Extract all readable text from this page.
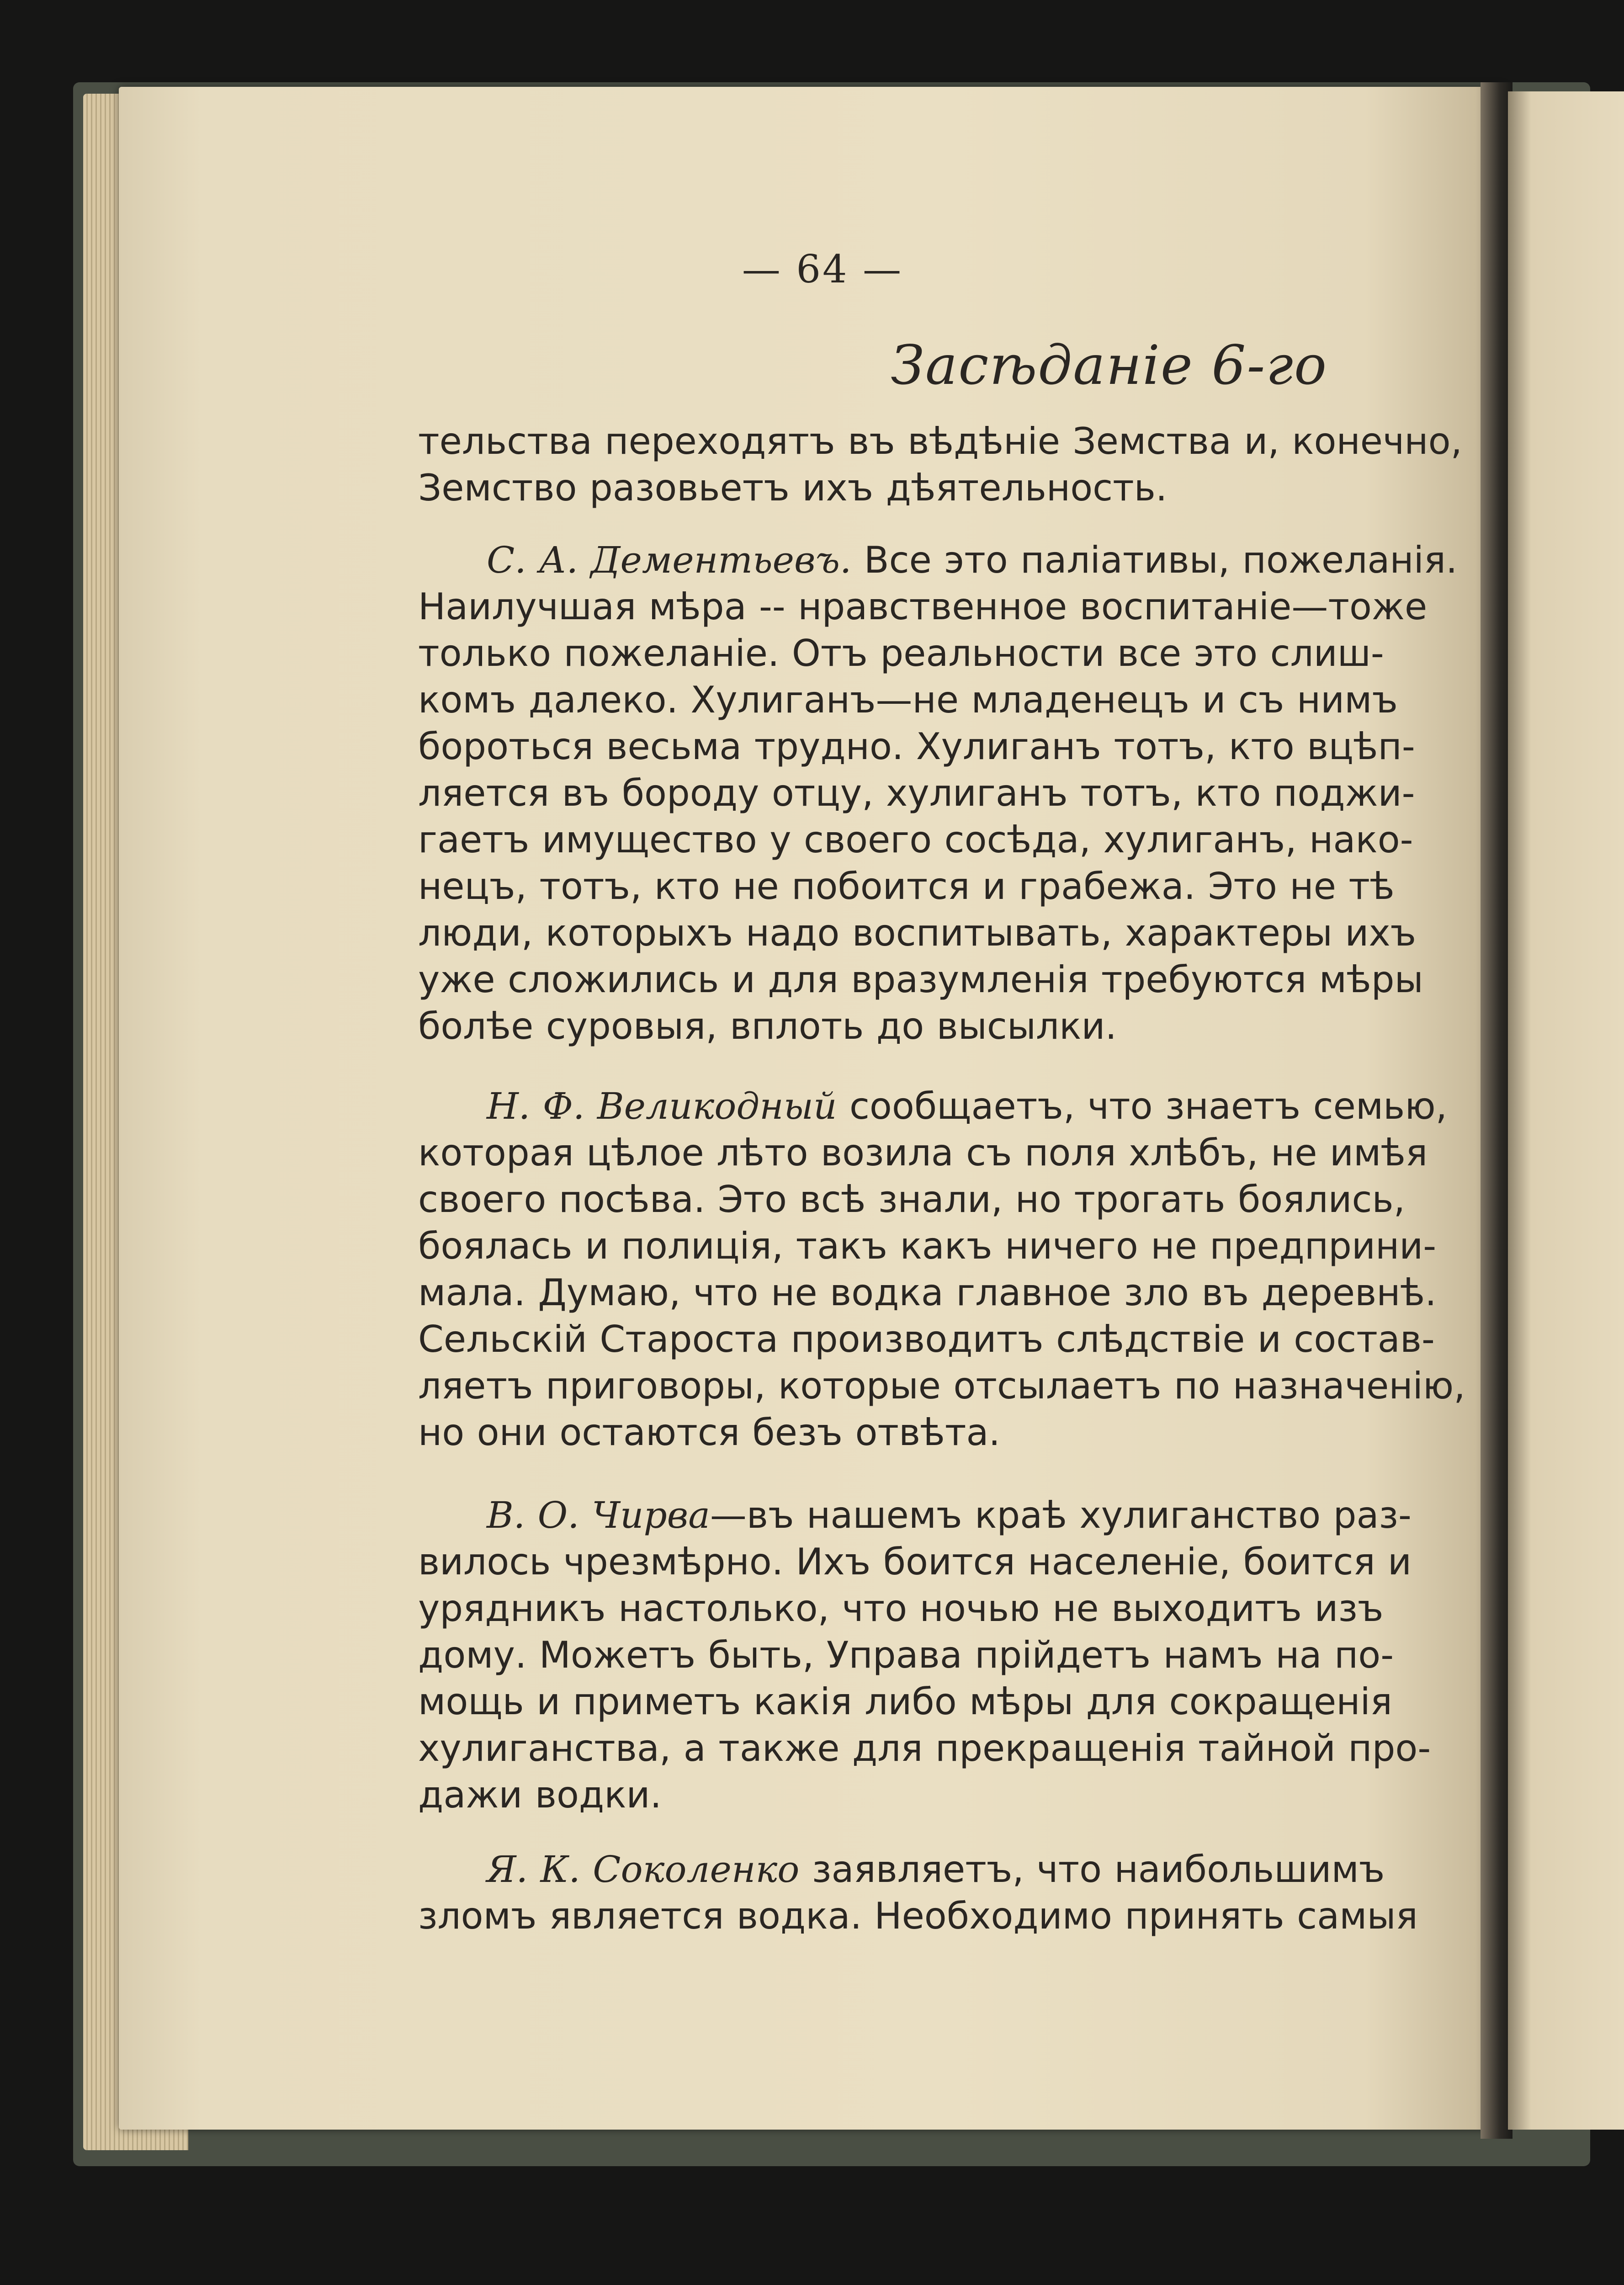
— 64 —
Засѣданіе 6-го
тельства переходятъ въ вѣдѣніе Земства и, конечно,
Земство разовьетъ ихъ дѣятельность.
С. А. Дементьевъ. Все это паліативы, пожеланія.
Наилучшая мѣра -- нравственное воспитаніе—тоже
только пожеланіе. Отъ реальности все это слиш-
комъ далеко. Хулиганъ—не младенецъ и съ нимъ
бороться весьма трудно. Хулиганъ тотъ, кто вцѣп-
ляется въ бороду отцу, хулиганъ тотъ, кто поджи-
гаетъ имущество у своего сосѣда, хулиганъ, нако-
нецъ, тотъ, кто не побоится и грабежа. Это не тѣ
люди, которыхъ надо воспитывать, характеры ихъ
уже сложились и для вразумленія требуются мѣры
болѣе суровыя, вплоть до высылки.
Н. Ф. Великодный сообщаетъ, что знаетъ семью,
которая цѣлое лѣто возила съ поля хлѣбъ, не имѣя
своего посѣва. Это всѣ знали, но трогать боялись,
боялась и полиція, такъ какъ ничего не предприни-
мала. Думаю, что не водка главное зло въ деревнѣ.
Сельскій Староста производитъ слѣдствіе и состав-
ляетъ приговоры, которые отсылаетъ по назначенію,
но они остаются безъ отвѣта.
В. О. Чирва—въ нашемъ краѣ хулиганство раз-
вилось чрезмѣрно. Ихъ боится населеніе, боится и
урядникъ настолько, что ночью не выходитъ изъ
дому. Можетъ быть, Управа прійдетъ намъ на по-
мощь и приметъ какія либо мѣры для сокращенія
хулиганства, а также для прекращенія тайной про-
дажи водки.
Я. К. Соколенко заявляетъ, что наибольшимъ
зломъ является водка. Необходимо принять самыя
